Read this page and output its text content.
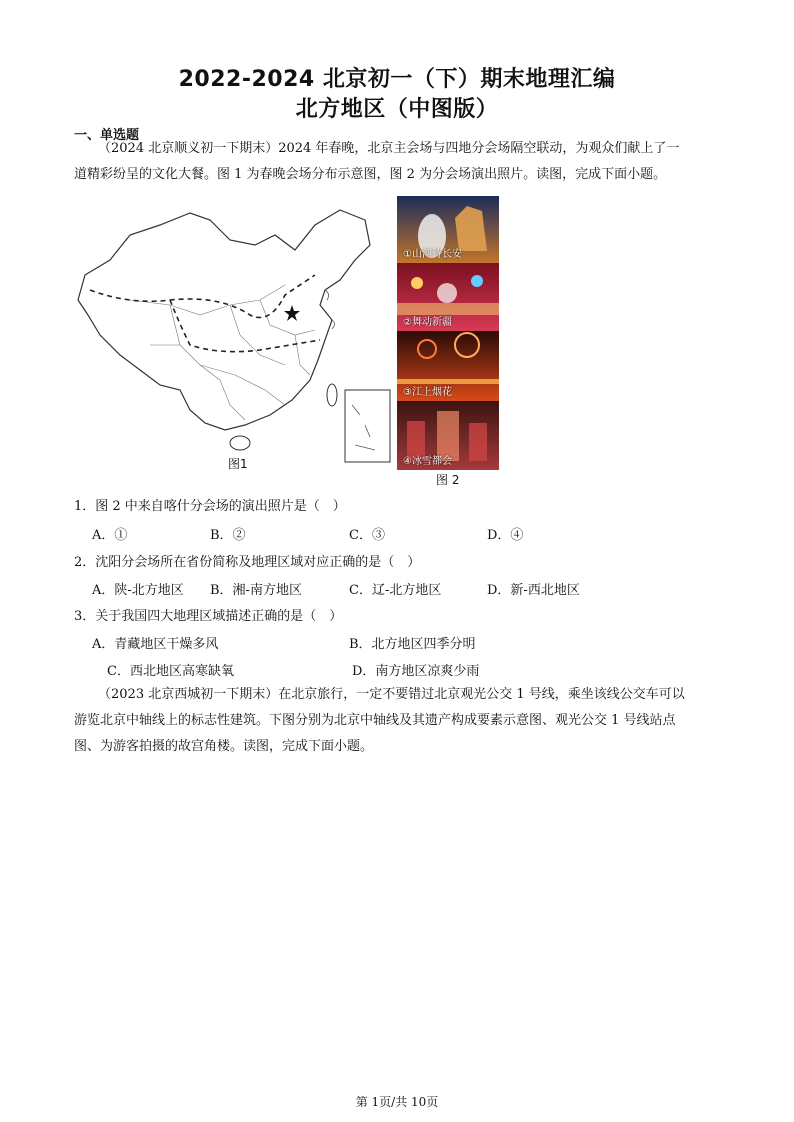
2022-2024 北京初一（下）期末地理汇编
北方地区（中图版）
一、单选题
（2024 北京顺义初一下期末）2024 年春晚，北京主会场与四地分会场隔空联动，为观众们献上了一
道精彩纷呈的文化大餐。图 1 为春晚会场分布示意图，图 2 为分会场演出照片。读图，完成下面小题。
图1
①山河诗长安
②舞动新疆
③江上烟花
④冰雪都会
图 2
1．图 2 中来自喀什分会场的演出照片是（　）
A．①	B．②	C．③	D．④
2．沈阳分会场所在省份简称及地理区域对应正确的是（　）
A．陕-北方地区 B．湘-南方地区	C．辽-北方地区	D．新-西北地区
3．关于我国四大地理区域描述正确的是（　）
A．青藏地区干燥多风	B．北方地区四季分明
C．西北地区高寒缺氧	D．南方地区凉爽少雨
（2023 北京西城初一下期末）在北京旅行，一定不要错过北京观光公交 1 号线，乘坐该线公交车可以
游览北京中轴线上的标志性建筑。下图分别为北京中轴线及其遗产构成要素示意图、观光公交 1 号线站点
图、为游客拍摄的故宫角楼。读图，完成下面小题。
第 1页/共 10页
